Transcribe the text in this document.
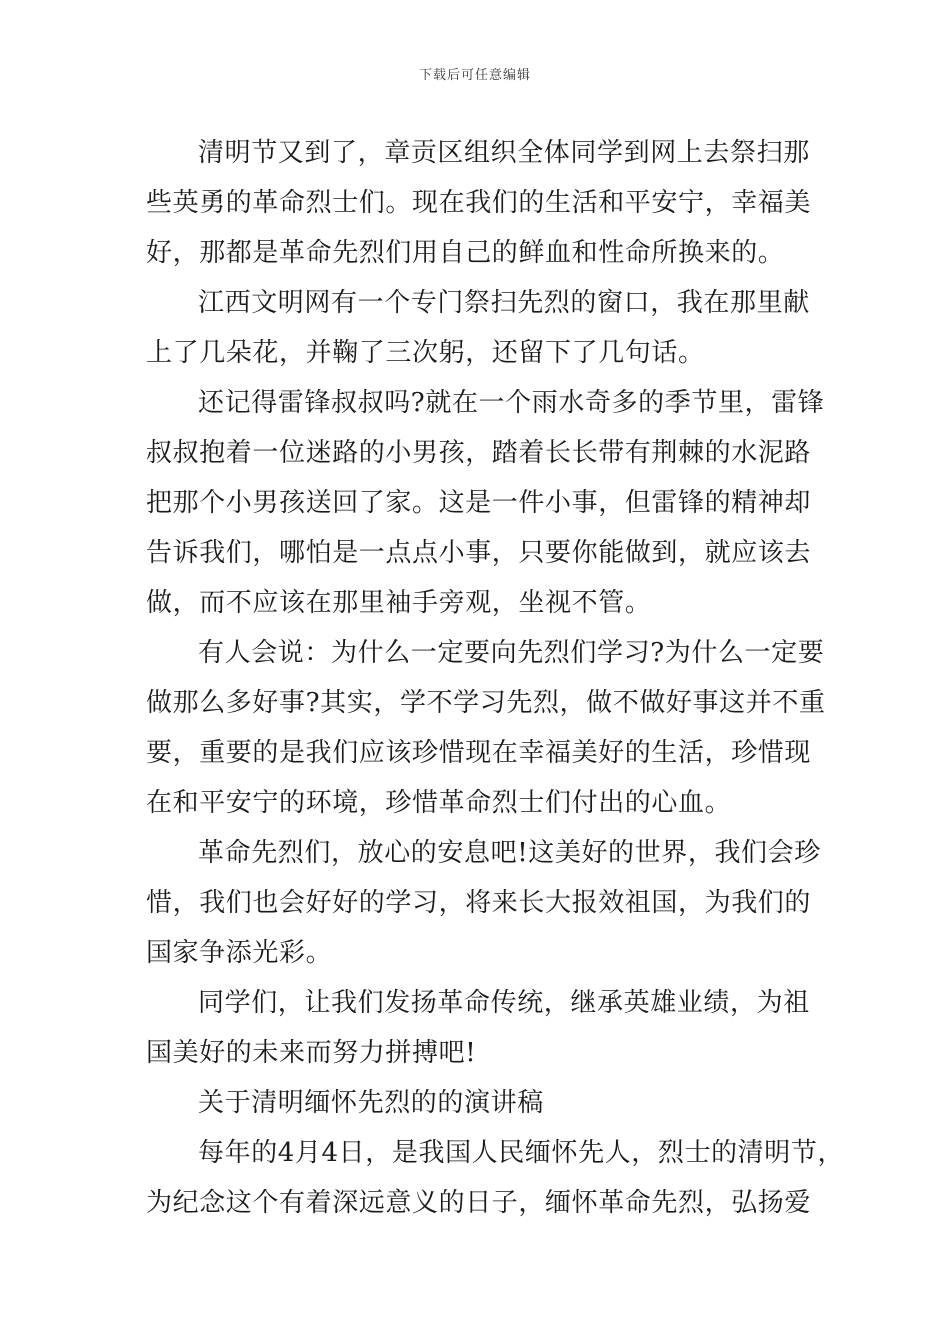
下载后可任意编辑
清明节又到了，章贡区组织全体同学到网上去祭扫那
些英勇的革命烈士们。现在我们的生活和平安宁，幸福美
好，那都是革命先烈们用自己的鲜血和性命所换来的。
江西文明网有一个专门祭扫先烈的窗口，我在那里献
上了几朵花，并鞠了三次躬，还留下了几句话。
还记得雷锋叔叔吗?就在一个雨水奇多的季节里，雷锋
叔叔抱着一位迷路的小男孩，踏着长长带有荆棘的水泥路
把那个小男孩送回了家。这是一件小事，但雷锋的精神却
告诉我们，哪怕是一点点小事，只要你能做到，就应该去
做，而不应该在那里袖手旁观，坐视不管。
有人会说：为什么一定要向先烈们学习?为什么一定要
做那么多好事?其实，学不学习先烈，做不做好事这并不重
要，重要的是我们应该珍惜现在幸福美好的生活，珍惜现
在和平安宁的环境，珍惜革命烈士们付出的心血。
革命先烈们，放心的安息吧!这美好的世界，我们会珍
惜，我们也会好好的学习，将来长大报效祖国，为我们的
国家争添光彩。
同学们，让我们发扬革命传统，继承英雄业绩，为祖
国美好的未来而努力拼搏吧!
关于清明缅怀先烈的的演讲稿
每年的4月4日，是我国人民缅怀先人，烈士的清明节，
为纪念这个有着深远意义的日子，缅怀革命先烈，弘扬爱
